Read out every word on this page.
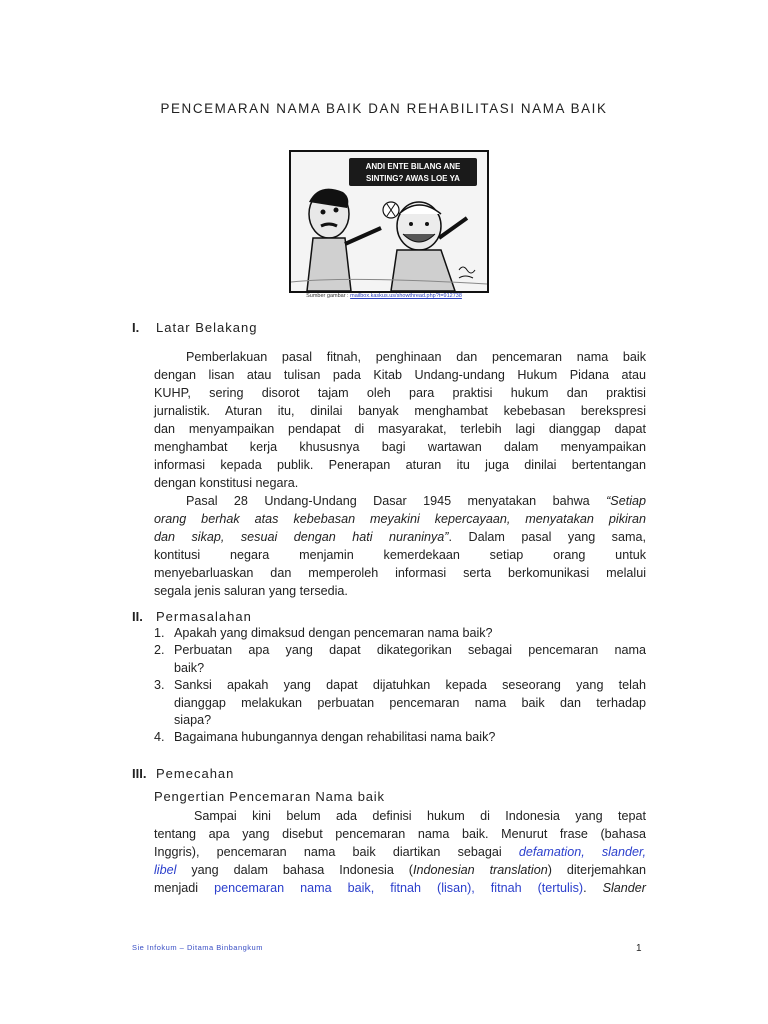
PENCEMARAN NAMA BAIK DAN REHABILITASI NAMA BAIK
ANDI ENTE BILANG ANE
SINTING? AWAS LOE YA
Sumber gambar : mailbox.kaskus.us/showthread.php?t=912738
I. Latar Belakang
Pemberlakuan pasal fitnah, penghinaan dan pencemaran nama baik
dengan lisan atau tulisan pada Kitab Undang-undang Hukum Pidana atau
KUHP, sering disorot tajam oleh para praktisi hukum dan praktisi
jurnalistik. Aturan itu, dinilai banyak menghambat kebebasan berekspresi
dan menyampaikan pendapat di masyarakat, terlebih lagi dianggap dapat
menghambat kerja khususnya bagi wartawan dalam menyampaikan
informasi kepada publik. Penerapan aturan itu juga dinilai bertentangan
dengan konstitusi negara.
Pasal 28 Undang-Undang Dasar 1945 menyatakan bahwa “Setiap
orang berhak atas kebebasan meyakini kepercayaan, menyatakan pikiran
dan sikap, sesuai dengan hati nuraninya”. Dalam pasal yang sama,
kontitusi negara menjamin kemerdekaan setiap orang untuk
menyebarluaskan dan memperoleh informasi serta berkomunikasi melalui
segala jenis saluran yang tersedia.
II. Permasalahan
1. Apakah yang dimaksud dengan pencemaran nama baik?
2. Perbuatan apa yang dapat dikategorikan sebagai pencemaran nama
baik?
3. Sanksi apakah yang dapat dijatuhkan kepada seseorang yang telah
dianggap melakukan perbuatan pencemaran nama baik dan terhadap
siapa?
4. Bagaimana hubungannya dengan rehabilitasi nama baik?
III. Pemecahan
Pengertian Pencemaran Nama baik
Sampai kini belum ada definisi hukum di Indonesia yang tepat
tentang apa yang disebut pencemaran nama baik. Menurut frase (bahasa
Inggris), pencemaran nama baik diartikan sebagai defamation, slander,
libel yang dalam bahasa Indonesia (Indonesian translation) diterjemahkan
menjadi pencemaran nama baik, fitnah (lisan), fitnah (tertulis). Slander
Sie Infokum – Ditama Binbangkum	1
